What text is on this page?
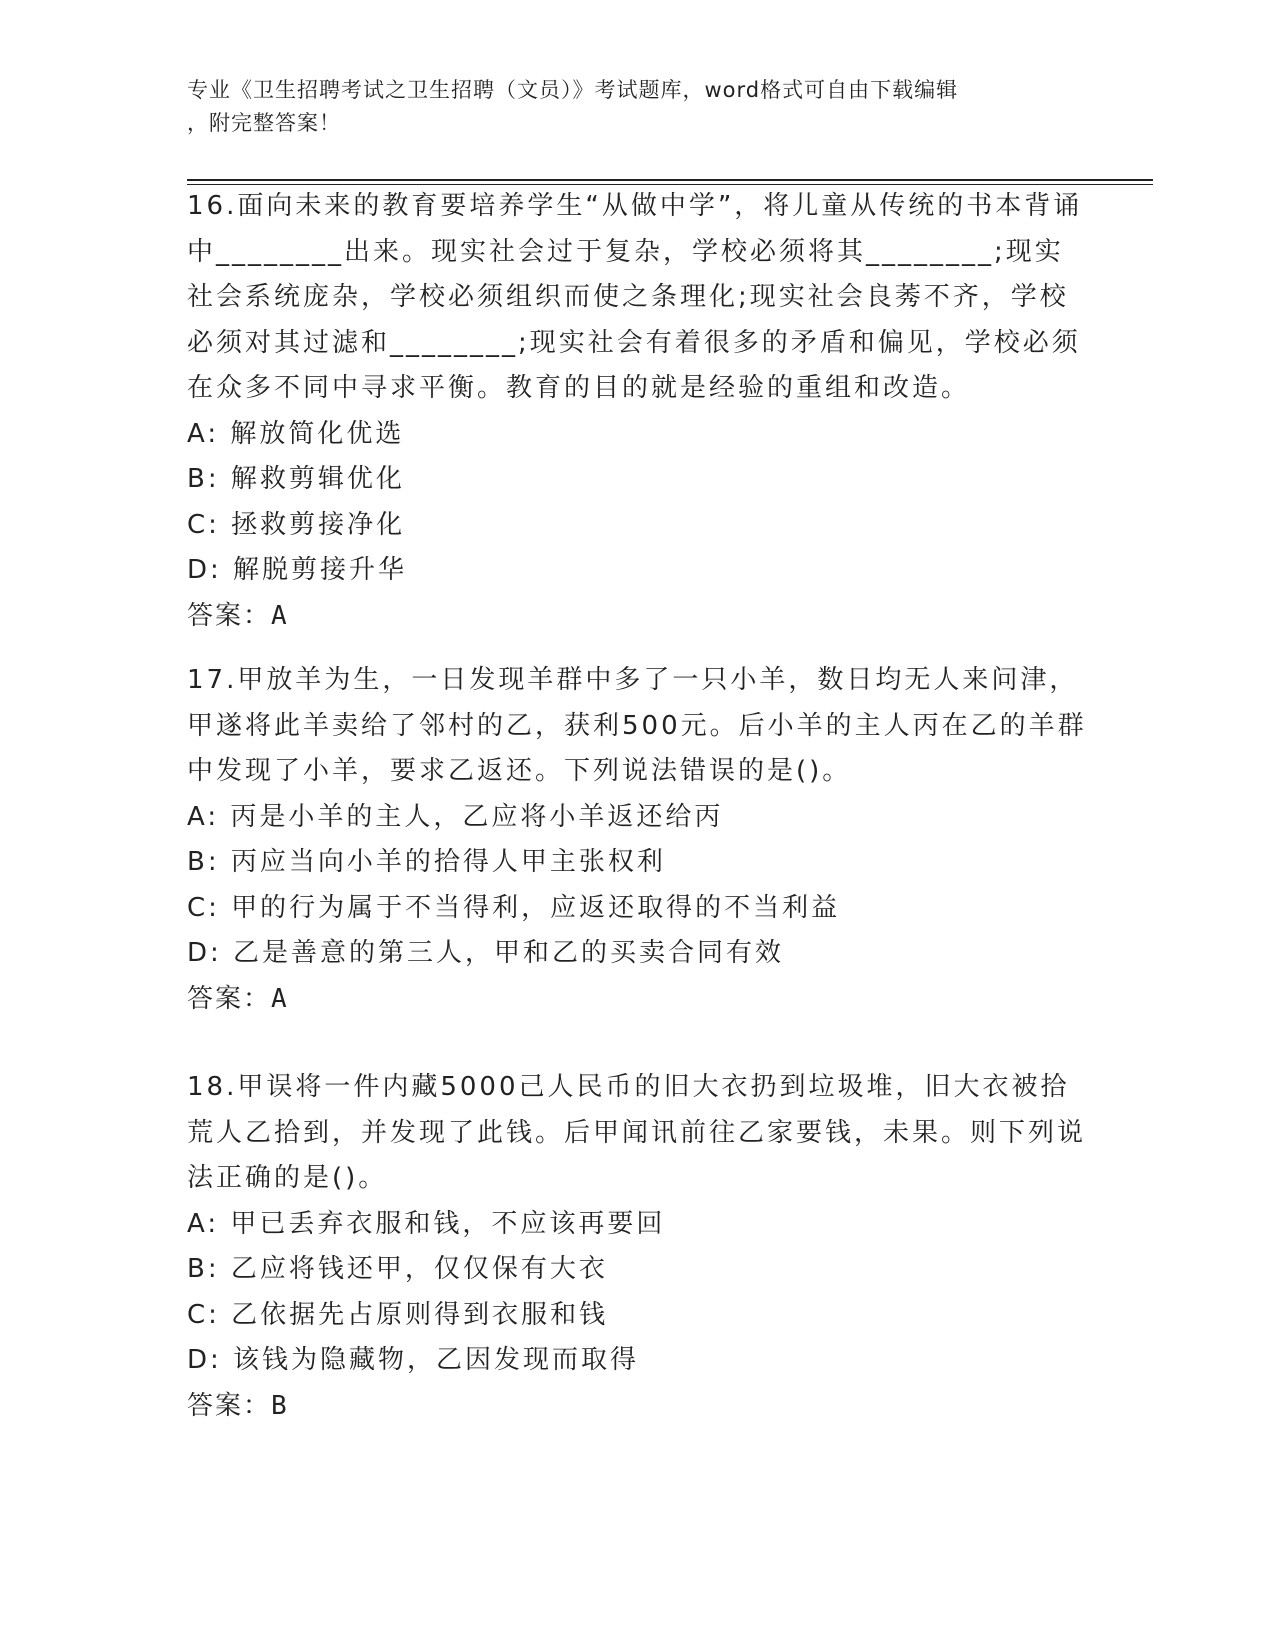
专业《卫生招聘考试之卫生招聘（文员）》考试题库，word格式可自由下载编辑
，附完整答案！
16.面向未来的教育要培养学生“从做中学”，将儿童从传统的书本背诵中________出来。现实社会过于复杂，学校必须将其________;现实社会系统庞杂，学校必须组织而使之条理化;现实社会良莠不齐，学校必须对其过滤和________;现实社会有着很多的矛盾和偏见，学校必须在众多不同中寻求平衡。教育的目的就是经验的重组和改造。
A: 解放简化优选
B: 解救剪辑优化
C: 拯救剪接净化
D: 解脱剪接升华
答案：A
17.甲放羊为生，一日发现羊群中多了一只小羊，数日均无人来问津，甲遂将此羊卖给了邻村的乙，获利500元。后小羊的主人丙在乙的羊群中发现了小羊，要求乙返还。下列说法错误的是()。
A: 丙是小羊的主人，乙应将小羊返还给丙
B: 丙应当向小羊的拾得人甲主张权利
C: 甲的行为属于不当得利，应返还取得的不当利益
D: 乙是善意的第三人，甲和乙的买卖合同有效
答案：A
18.甲误将一件内藏5000己人民币的旧大衣扔到垃圾堆，旧大衣被拾荒人乙拾到，并发现了此钱。后甲闻讯前往乙家要钱，未果。则下列说法正确的是()。
A: 甲已丢弃衣服和钱，不应该再要回
B: 乙应将钱还甲，仅仅保有大衣
C: 乙依据先占原则得到衣服和钱
D: 该钱为隐藏物，乙因发现而取得
答案：B
